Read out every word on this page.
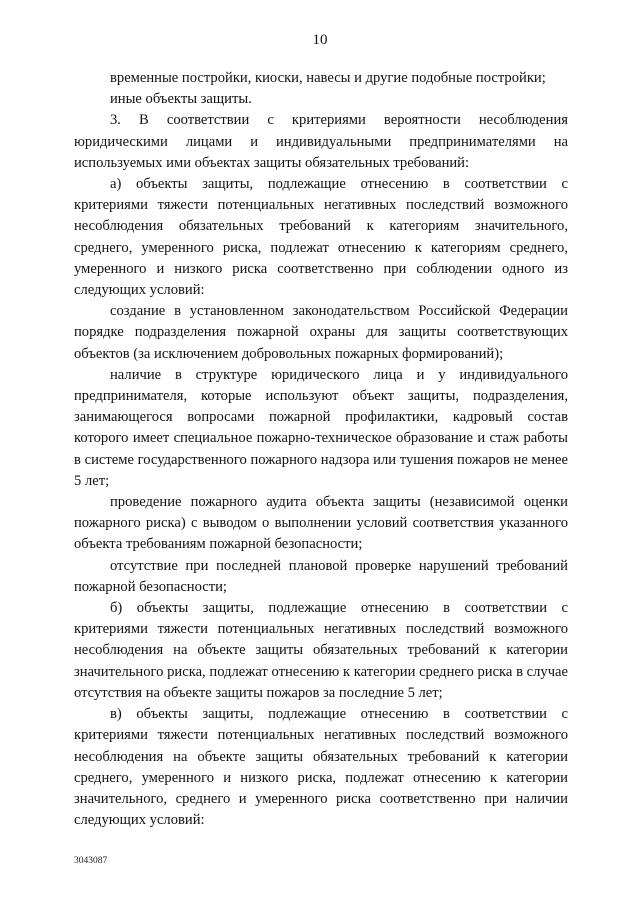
10

временные постройки, киоски, навесы и другие подобные постройки;

иные объекты защиты.

3. В соответствии с критериями вероятности несоблюдения юридическими лицами и индивидуальными предпринимателями на используемых ими объектах защиты обязательных требований:

а) объекты защиты, подлежащие отнесению в соответствии с критериями тяжести потенциальных негативных последствий возможного несоблюдения обязательных требований к категориям значительного, среднего, умеренного риска, подлежат отнесению к категориям среднего, умеренного и низкого риска соответственно при соблюдении одного из следующих условий:

создание в установленном законодательством Российской Федерации порядке подразделения пожарной охраны для защиты соответствующих объектов (за исключением добровольных пожарных формирований);

наличие в структуре юридического лица и у индивидуального предпринимателя, которые используют объект защиты, подразделения, занимающегося вопросами пожарной профилактики, кадровый состав которого имеет специальное пожарно-техническое образование и стаж работы в системе государственного пожарного надзора или тушения пожаров не менее 5 лет;

проведение пожарного аудита объекта защиты (независимой оценки пожарного риска) с выводом о выполнении условий соответствия указанного объекта требованиям пожарной безопасности;

отсутствие при последней плановой проверке нарушений требований пожарной безопасности;

б) объекты защиты, подлежащие отнесению в соответствии с критериями тяжести потенциальных негативных последствий возможного несоблюдения на объекте защиты обязательных требований к категории значительного риска, подлежат отнесению к категории среднего риска в случае отсутствия на объекте защиты пожаров за последние 5 лет;

в) объекты защиты, подлежащие отнесению в соответствии с критериями тяжести потенциальных негативных последствий возможного несоблюдения на объекте защиты обязательных требований к категории среднего, умеренного и низкого риска, подлежат отнесению к категории значительного, среднего и умеренного риска соответственно при наличии следующих условий:

3043087
